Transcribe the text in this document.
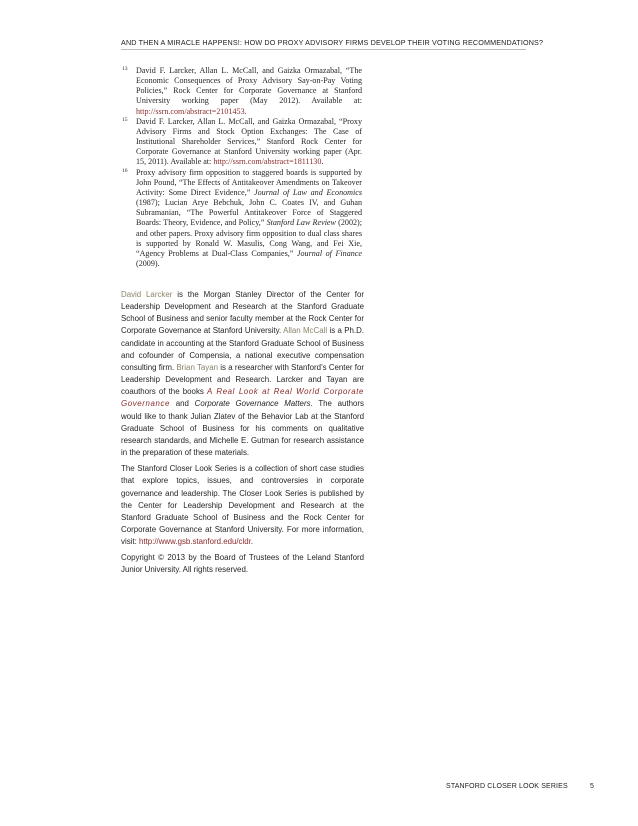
AND THEN A MIRACLE HAPPENS!: HOW DO PROXY ADVISORY FIRMS DEVELOP THEIR VOTING RECOMMENDATIONS?
13 David F. Larcker, Allan L. McCall, and Gaizka Ormazabal, “The Economic Consequences of Proxy Advisory Say-on-Pay Voting Policies,” Rock Center for Corporate Governance at Stanford University working paper (May 2012). Available at: http://ssrn.com/abstract=2101453.
15 David F. Larcker, Allan L. McCall, and Gaizka Ormazabal, “Proxy Advisory Firms and Stock Option Exchanges: The Case of Institutional Shareholder Services,” Stanford Rock Center for Corporate Governance at Stanford University working paper (Apr. 15, 2011). Available at: http://ssrn.com/abstract=1811130.
16 Proxy advisory firm opposition to staggered boards is supported by John Pound, “The Effects of Antitakeover Amendments on Takeover Activity: Some Direct Evidence,” Journal of Law and Economics (1987); Lucian Arye Bebchuk, John C. Coates IV, and Guhan Subramanian, “The Powerful Antitakeover Force of Staggered Boards: Theory, Evidence, and Policy,” Stanford Law Review (2002); and other papers. Proxy advisory firm opposition to dual class shares is supported by Ronald W. Masulis, Cong Wang, and Fei Xie, “Agency Problems at Dual-Class Companies,” Journal of Finance (2009).

David Larcker is the Morgan Stanley Director of the Center for Leadership Development and Research at the Stanford Graduate School of Business and senior faculty member at the Rock Center for Corporate Governance at Stanford University. Allan McCall is a Ph.D. candidate in accounting at the Stanford Graduate School of Business and cofounder of Compensia, a national executive compensation consulting firm. Brian Tayan is a researcher with Stanford’s Center for Leadership Development and Research. Larcker and Tayan are coauthors of the books A Real Look at Real World Corporate Governance and Corporate Governance Matters. The authors would like to thank Julian Zlatev of the Behavior Lab at the Stanford Graduate School of Business for his comments on qualitative research standards, and Michelle E. Gutman for research assistance in the preparation of these materials.

The Stanford Closer Look Series is a collection of short case studies that explore topics, issues, and controversies in corporate governance and leadership. The Closer Look Series is published by the Center for Leadership Development and Research at the Stanford Graduate School of Business and the Rock Center for Corporate Governance at Stanford University. For more information, visit: http://www.gsb.stanford.edu/cldr.

Copyright © 2013 by the Board of Trustees of the Leland Stanford Junior University. All rights reserved.

STANFORD CLOSER LOOK SERIES	5
